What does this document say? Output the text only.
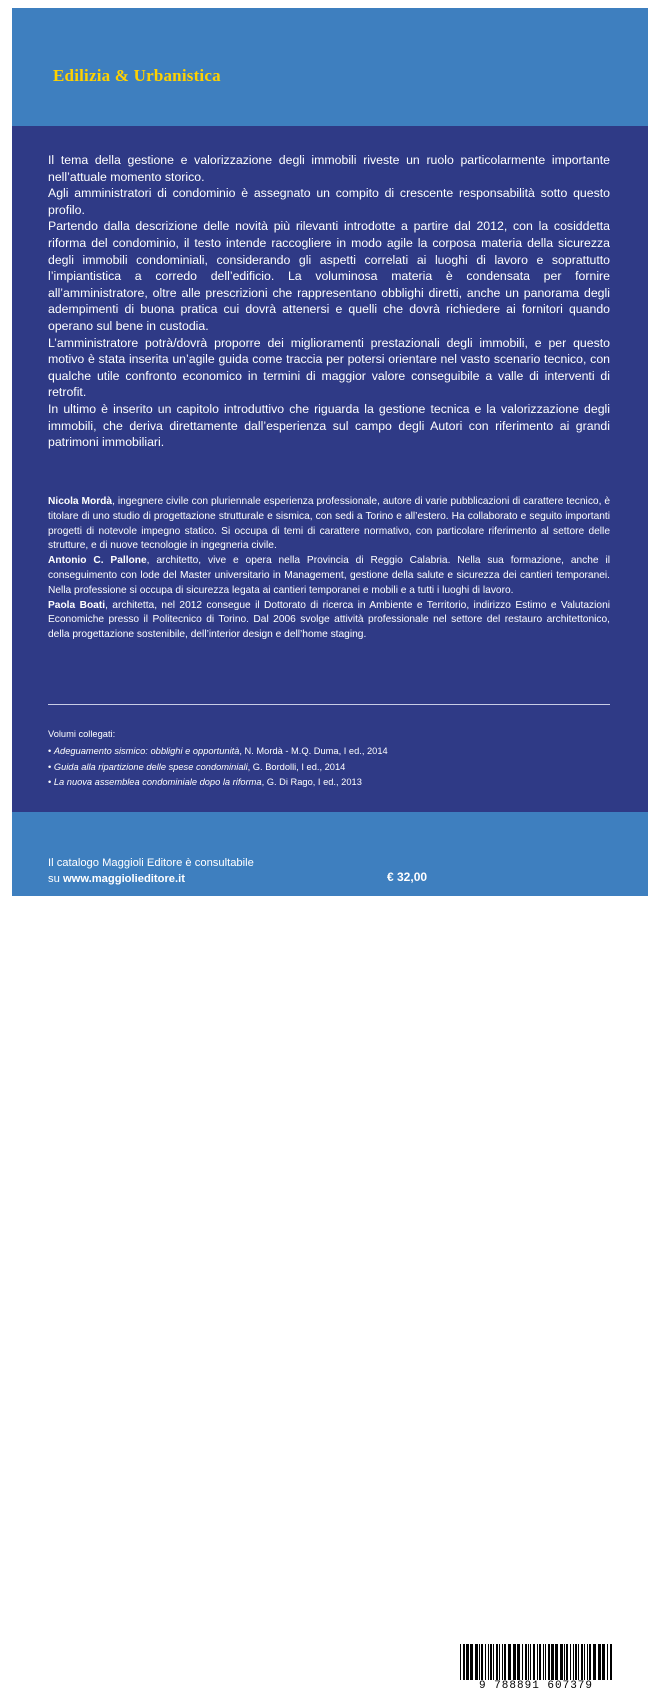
Edilizia & Urbanistica

Il tema della gestione e valorizzazione degli immobili riveste un ruolo particolarmente importante nell’attuale momento storico.

Agli amministratori di condominio è assegnato un compito di crescente responsabilità sotto questo profilo.

Partendo dalla descrizione delle novità più rilevanti introdotte a partire dal 2012, con la cosiddetta riforma del condominio, il testo intende raccogliere in modo agile la corposa materia della sicurezza degli immobili condominiali, considerando gli aspetti correlati ai luoghi di lavoro e soprattutto l’impiantistica a corredo dell’edificio. La voluminosa materia è condensata per fornire all’amministratore, oltre alle prescrizioni che rappresentano obblighi diretti, anche un panorama degli adempimenti di buona pratica cui dovrà attenersi e quelli che dovrà richiedere ai fornitori quando operano sul bene in custodia.

L’amministratore potrà/dovrà proporre dei miglioramenti prestazionali degli immobili, e per questo motivo è stata inserita un’agile guida come traccia per potersi orientare nel vasto scenario tecnico, con qualche utile confronto economico in termini di maggior valore conseguibile a valle di interventi di retrofit.

In ultimo è inserito un capitolo introduttivo che riguarda la gestione tecnica e la valorizzazione degli immobili, che deriva direttamente dall’esperienza sul campo degli Autori con riferimento ai grandi patrimoni immobiliari.

Nicola Mordà, ingegnere civile con pluriennale esperienza professionale, autore di varie pubblicazioni di carattere tecnico, è titolare di uno studio di progettazione strutturale e sismica, con sedi a Torino e all’estero. Ha collaborato e seguito importanti progetti di notevole impegno statico. Si occupa di temi di carattere normativo, con particolare riferimento al settore delle strutture, e di nuove tecnologie in ingegneria civile.

Antonio C. Pallone, architetto, vive e opera nella Provincia di Reggio Calabria. Nella sua formazione, anche il conseguimento con lode del Master universitario in Management, gestione della salute e sicurezza dei cantieri temporanei. Nella professione si occupa di sicurezza legata ai cantieri temporanei e mobili e a tutti i luoghi di lavoro.

Paola Boati, architetta, nel 2012 consegue il Dottorato di ricerca in Ambiente e Territorio, indirizzo Estimo e Valutazioni Economiche presso il Politecnico di Torino. Dal 2006 svolge attività professionale nel settore del restauro architettonico, della progettazione sostenibile, dell’interior design e dell’home staging.

Volumi collegati:
• Adeguamento sismico: obblighi e opportunità, N. Mordà - M.Q. Duma, I ed., 2014
• Guida alla ripartizione delle spese condominiali, G. Bordolli, I ed., 2014
• La nuova assemblea condominiale dopo la riforma, G. Di Rago, I ed., 2013
978-88-916-0737-9
9 788891 607379
Il catalogo Maggioli Editore è consultabile
su www.maggiolieditore.it	€ 32,00
